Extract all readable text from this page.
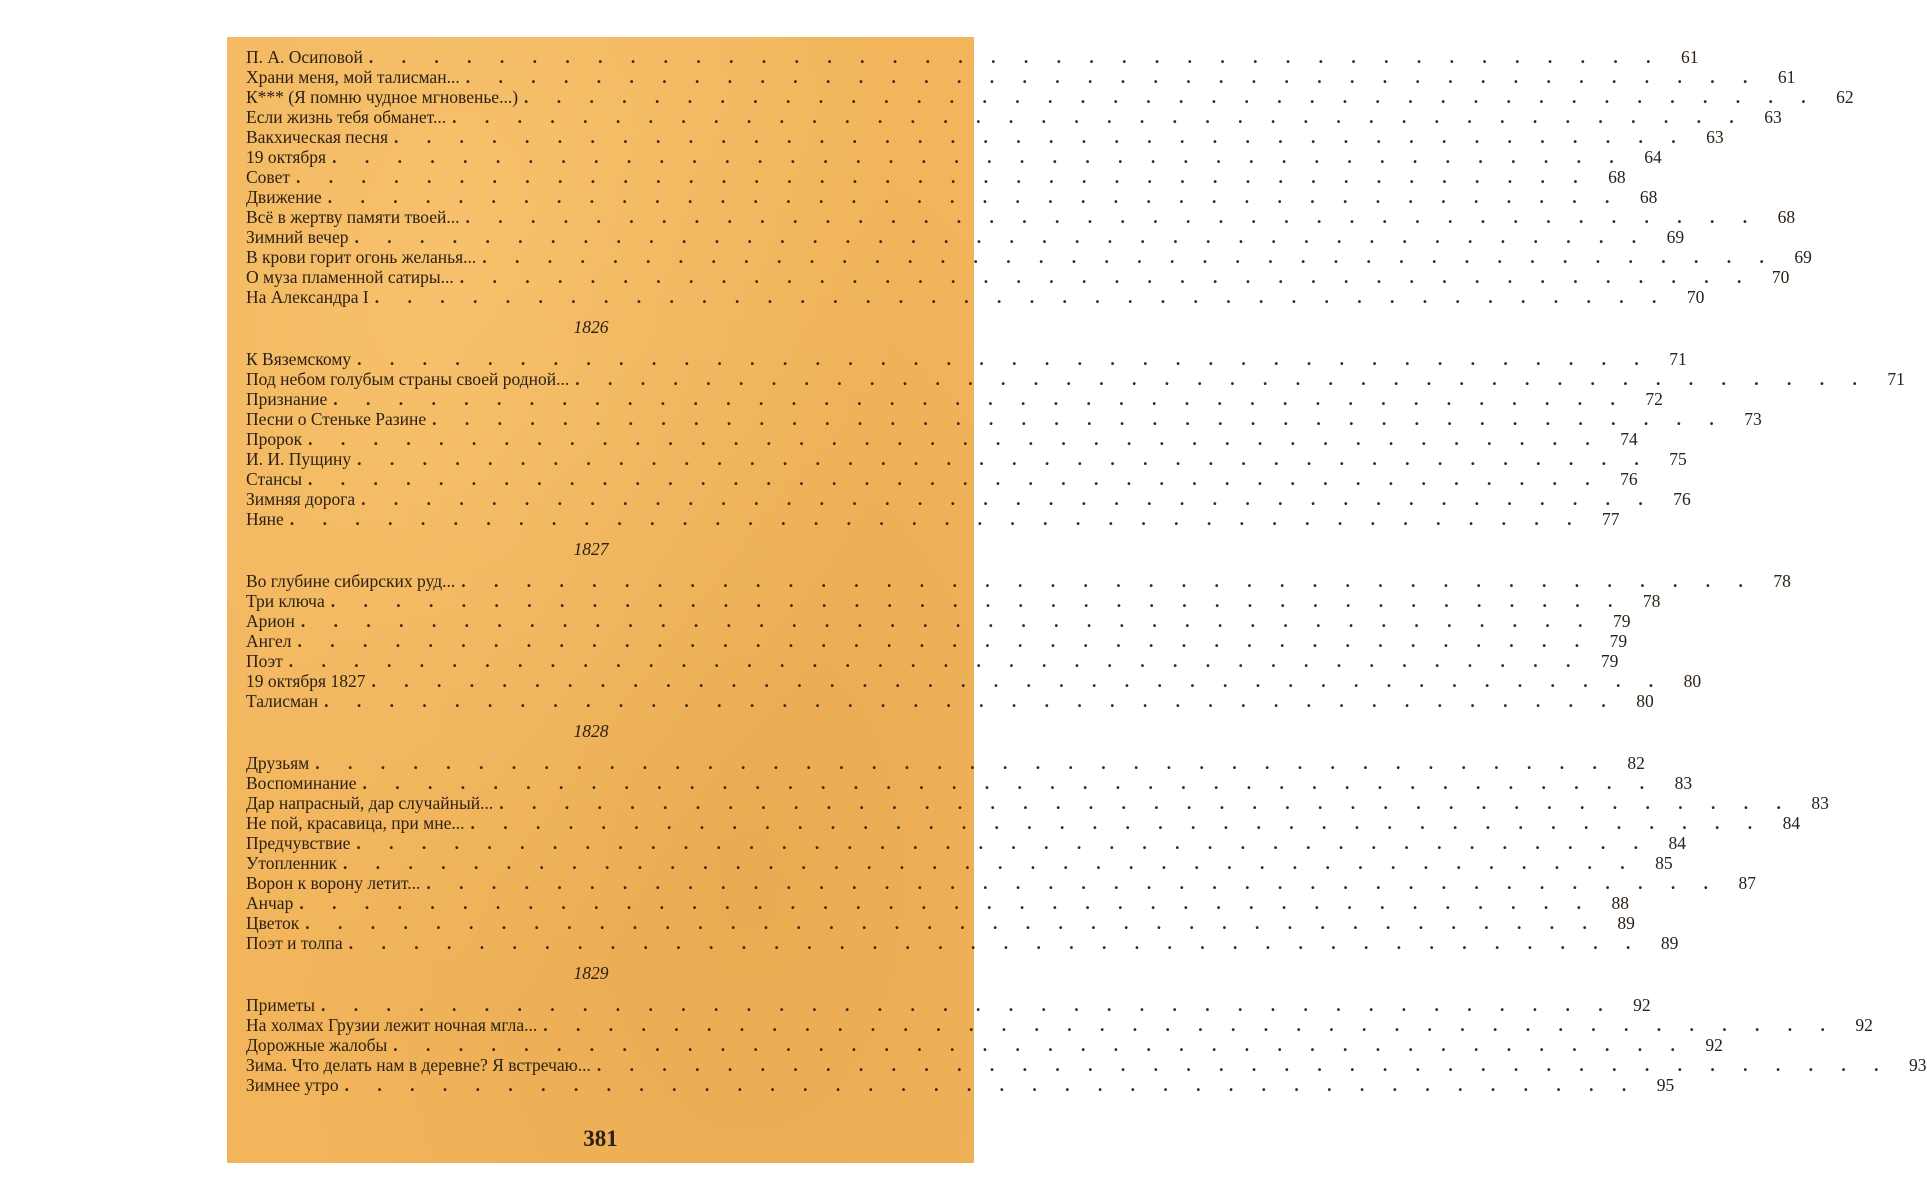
П. А. Осиповой . . . . . . . . . . . . . . . . . . . . . . . . . . . . . . . . . . . . . . . .	61
Храни меня, мой талисман... . . . . . . . . . . . . . . . . . . . . . . . . . . . . . . . . . . . . . . . .	61
К*** (Я помню чудное мгновенье...) . . . . . . . . . . . . . . . . . . . . . . . . . . . . . . . . . . . . . . . .	62
Если жизнь тебя обманет... . . . . . . . . . . . . . . . . . . . . . . . . . . . . . . . . . . . . . . . .	63
Вакхическая песня . . . . . . . . . . . . . . . . . . . . . . . . . . . . . . . . . . . . . . . .	63
19 октября . . . . . . . . . . . . . . . . . . . . . . . . . . . . . . . . . . . . . . . .	64
Совет . . . . . . . . . . . . . . . . . . . . . . . . . . . . . . . . . . . . . . . .	68
Движение . . . . . . . . . . . . . . . . . . . . . . . . . . . . . . . . . . . . . . . .	68
Всё в жертву памяти твоей... . . . . . . . . . . . . . . . . . . . . . . . . . . . . . . . . . . . . . . . .	68
Зимний вечер . . . . . . . . . . . . . . . . . . . . . . . . . . . . . . . . . . . . . . . .	69
В крови горит огонь желанья... . . . . . . . . . . . . . . . . . . . . . . . . . . . . . . . . . . . . . . . .	69
О муза пламенной сатиры... . . . . . . . . . . . . . . . . . . . . . . . . . . . . . . . . . . . . . . . .	70
На Александра I . . . . . . . . . . . . . . . . . . . . . . . . . . . . . . . . . . . . . . . .	70
1826
К Вяземскому . . . . . . . . . . . . . . . . . . . . . . . . . . . . . . . . . . . . . . . .	71
Под небом голубым страны своей родной... . . . . . . . . . . . . . . . . . . . . . . . . . . . . . . . . . . . . . . . .	71
Признание . . . . . . . . . . . . . . . . . . . . . . . . . . . . . . . . . . . . . . . .	72
Песни о Стеньке Разине . . . . . . . . . . . . . . . . . . . . . . . . . . . . . . . . . . . . . . . .	73
Пророк . . . . . . . . . . . . . . . . . . . . . . . . . . . . . . . . . . . . . . . .	74
И. И. Пущину . . . . . . . . . . . . . . . . . . . . . . . . . . . . . . . . . . . . . . . .	75
Стансы . . . . . . . . . . . . . . . . . . . . . . . . . . . . . . . . . . . . . . . .	76
Зимняя дорога . . . . . . . . . . . . . . . . . . . . . . . . . . . . . . . . . . . . . . . .	76
Няне . . . . . . . . . . . . . . . . . . . . . . . . . . . . . . . . . . . . . . . .	77
1827
Во глубине сибирских руд... . . . . . . . . . . . . . . . . . . . . . . . . . . . . . . . . . . . . . . . .	78
Три ключа . . . . . . . . . . . . . . . . . . . . . . . . . . . . . . . . . . . . . . . .	78
Арион . . . . . . . . . . . . . . . . . . . . . . . . . . . . . . . . . . . . . . . .	79
Ангел . . . . . . . . . . . . . . . . . . . . . . . . . . . . . . . . . . . . . . . .	79
Поэт . . . . . . . . . . . . . . . . . . . . . . . . . . . . . . . . . . . . . . . .	79
19 октября 1827 . . . . . . . . . . . . . . . . . . . . . . . . . . . . . . . . . . . . . . . .	80
Талисман . . . . . . . . . . . . . . . . . . . . . . . . . . . . . . . . . . . . . . . .	80
1828
Друзьям . . . . . . . . . . . . . . . . . . . . . . . . . . . . . . . . . . . . . . . .	82
Воспоминание . . . . . . . . . . . . . . . . . . . . . . . . . . . . . . . . . . . . . . . .	83
Дар напрасный, дар случайный... . . . . . . . . . . . . . . . . . . . . . . . . . . . . . . . . . . . . . . . .	83
Не пой, красавица, при мне... . . . . . . . . . . . . . . . . . . . . . . . . . . . . . . . . . . . . . . . .	84
Предчувствие . . . . . . . . . . . . . . . . . . . . . . . . . . . . . . . . . . . . . . . .	84
Утопленник . . . . . . . . . . . . . . . . . . . . . . . . . . . . . . . . . . . . . . . .	85
Ворон к ворону летит... . . . . . . . . . . . . . . . . . . . . . . . . . . . . . . . . . . . . . . . .	87
Анчар . . . . . . . . . . . . . . . . . . . . . . . . . . . . . . . . . . . . . . . .	88
Цветок . . . . . . . . . . . . . . . . . . . . . . . . . . . . . . . . . . . . . . . .	89
Поэт и толпа . . . . . . . . . . . . . . . . . . . . . . . . . . . . . . . . . . . . . . . .	89
1829
Приметы . . . . . . . . . . . . . . . . . . . . . . . . . . . . . . . . . . . . . . . .	92
На холмах Грузии лежит ночная мгла... . . . . . . . . . . . . . . . . . . . . . . . . . . . . . . . . . . . . . . . .	92
Дорожные жалобы . . . . . . . . . . . . . . . . . . . . . . . . . . . . . . . . . . . . . . . .	92
Зима. Что делать нам в деревне? Я встречаю... . . . . . . . . . . . . . . . . . . . . . . . . . . . . . . . . . . . . . . . .	93
Зимнее утро . . . . . . . . . . . . . . . . . . . . . . . . . . . . . . . . . . . . . . . .	95
381
